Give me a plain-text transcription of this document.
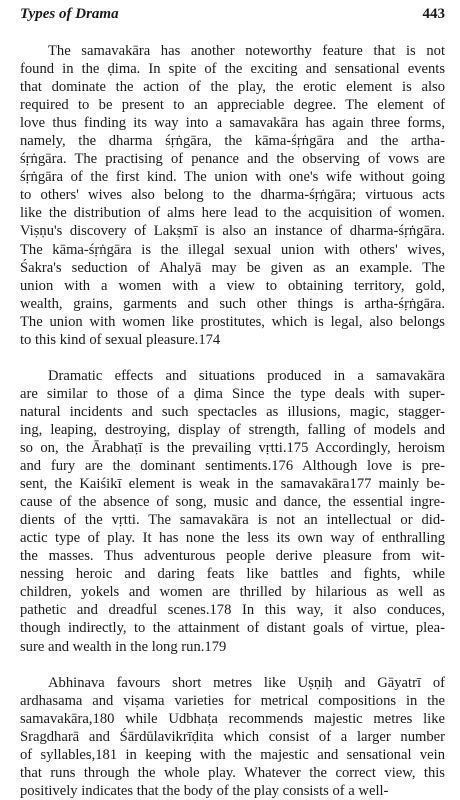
Types of Drama	443
The samavakāra has another noteworthy feature that is not
found in the ḍima. In spite of the exciting and sensational events
that dominate the action of the play, the erotic element is also
required to be present to an appreciable degree. The element of
love thus finding its way into a samavakāra has again three forms,
namely, the dharma śṛṅgāra, the kāma-śṛṅgāra and the artha-
śṛṅgāra. The practising of penance and the observing of vows are
śṛṅgāra of the first kind. The union with one's wife without going
to others' wives also belong to the dharma-śṛṅgāra; virtuous acts
like the distribution of alms here lead to the acquisition of women.
Viṣṇu's discovery of Lakṣmī is also an instance of dharma-śṛṅgāra.
The kāma-śṛṅgāra is the illegal sexual union with others' wives,
Śakra's seduction of Ahalyā may be given as an example. The
union with a women with a view to obtaining territory, gold,
wealth, grains, garments and such other things is artha-śṛṅgāra.
The union with women like prostitutes, which is legal, also belongs
to this kind of sexual pleasure.174
Dramatic effects and situations produced in a samavakāra
are similar to those of a ḍima Since the type deals with super-
natural incidents and such spectacles as illusions, magic, stagger-
ing, leaping, destroying, display of strength, falling of models and
so on, the Ārabhaṭī is the prevailing vṛtti.175 Accordingly, heroism
and fury are the dominant sentiments.176 Although love is pre-
sent, the Kaiśikī element is weak in the samavakāra177 mainly be-
cause of the absence of song, music and dance, the essential ingre-
dients of the vṛtti. The samavakāra is not an intellectual or did-
actic type of play. It has none the less its own way of enthralling
the masses. Thus adventurous people derive pleasure from wit-
nessing heroic and daring feats like battles and fights, while
children, yokels and women are thrilled by hilarious as well as
pathetic and dreadful scenes.178 In this way, it also conduces,
though indirectly, to the attainment of distant goals of virtue, plea-
sure and wealth in the long run.179
Abhinava favours short metres like Uṣṇiḥ and Gāyatrī of
ardhasama and viṣama varieties for metrical compositions in the
samavakāra,180 while Udbhaṭa recommends majestic metres like
Sragdharā and Śārdūlavikrīḍita which consist of a larger number
of syllables,181 in keeping with the majestic and sensational vein
that runs through the whole play. Whatever the correct view, this
positively indicates that the body of the play consists of a well-
